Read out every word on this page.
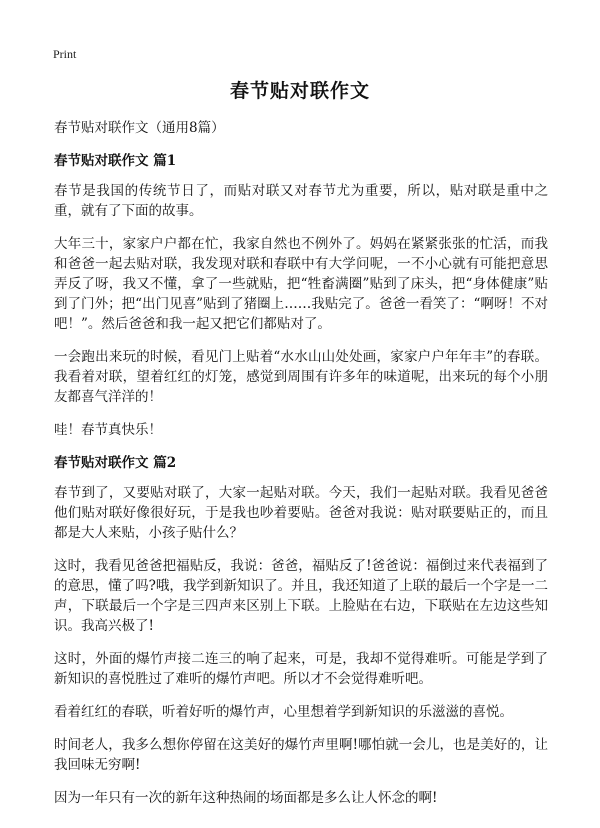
Print
春节贴对联作文
春节贴对联作文（通用8篇）
春节贴对联作文 篇1

春节是我国的传统节日了，而贴对联又对春节尤为重要，所以，贴对联是重中之重，就有了下面的故事。

大年三十，家家户户都在忙，我家自然也不例外了。妈妈在紧紧张张的忙活，而我和爸爸一起去贴对联，我发现对联和春联中有大学问呢，一不小心就有可能把意思弄反了呀，我又不懂，拿了一些就贴，把“牲畜满圈”贴到了床头，把“身体健康”贴到了门外；把“出门见喜”贴到了猪圈上……我贴完了。爸爸一看笑了：“啊呀！不对吧！”。然后爸爸和我一起又把它们都贴对了。

一会跑出来玩的时候，看见门上贴着“水水山山处处画，家家户户年年丰”的春联。我看着对联，望着红红的灯笼，感觉到周围有许多年的味道呢，出来玩的每个小朋友都喜气洋洋的！

哇！春节真快乐！

春节贴对联作文 篇2

春节到了，又要贴对联了，大家一起贴对联。今天，我们一起贴对联。我看见爸爸他们贴对联好像很好玩，于是我也吵着要贴。爸爸对我说：贴对联要贴正的，而且都是大人来贴，小孩子贴什么？

这时，我看见爸爸把福贴反，我说：爸爸，福贴反了!爸爸说：福倒过来代表福到了的意思，懂了吗?哦，我学到新知识了。并且，我还知道了上联的最后一个字是一二声，下联最后一个字是三四声来区别上下联。上脸贴在右边，下联贴在左边这些知识。我高兴极了!

这时，外面的爆竹声接二连三的响了起来，可是，我却不觉得难听。可能是学到了新知识的喜悦胜过了难听的爆竹声吧。所以才不会觉得难听吧。

看着红红的春联，听着好听的爆竹声，心里想着学到新知识的乐滋滋的喜悦。

时间老人，我多么想你停留在这美好的爆竹声里啊!哪怕就一会儿，也是美好的，让我回味无穷啊!

因为一年只有一次的新年这种热闹的场面都是多么让人怀念的啊!
